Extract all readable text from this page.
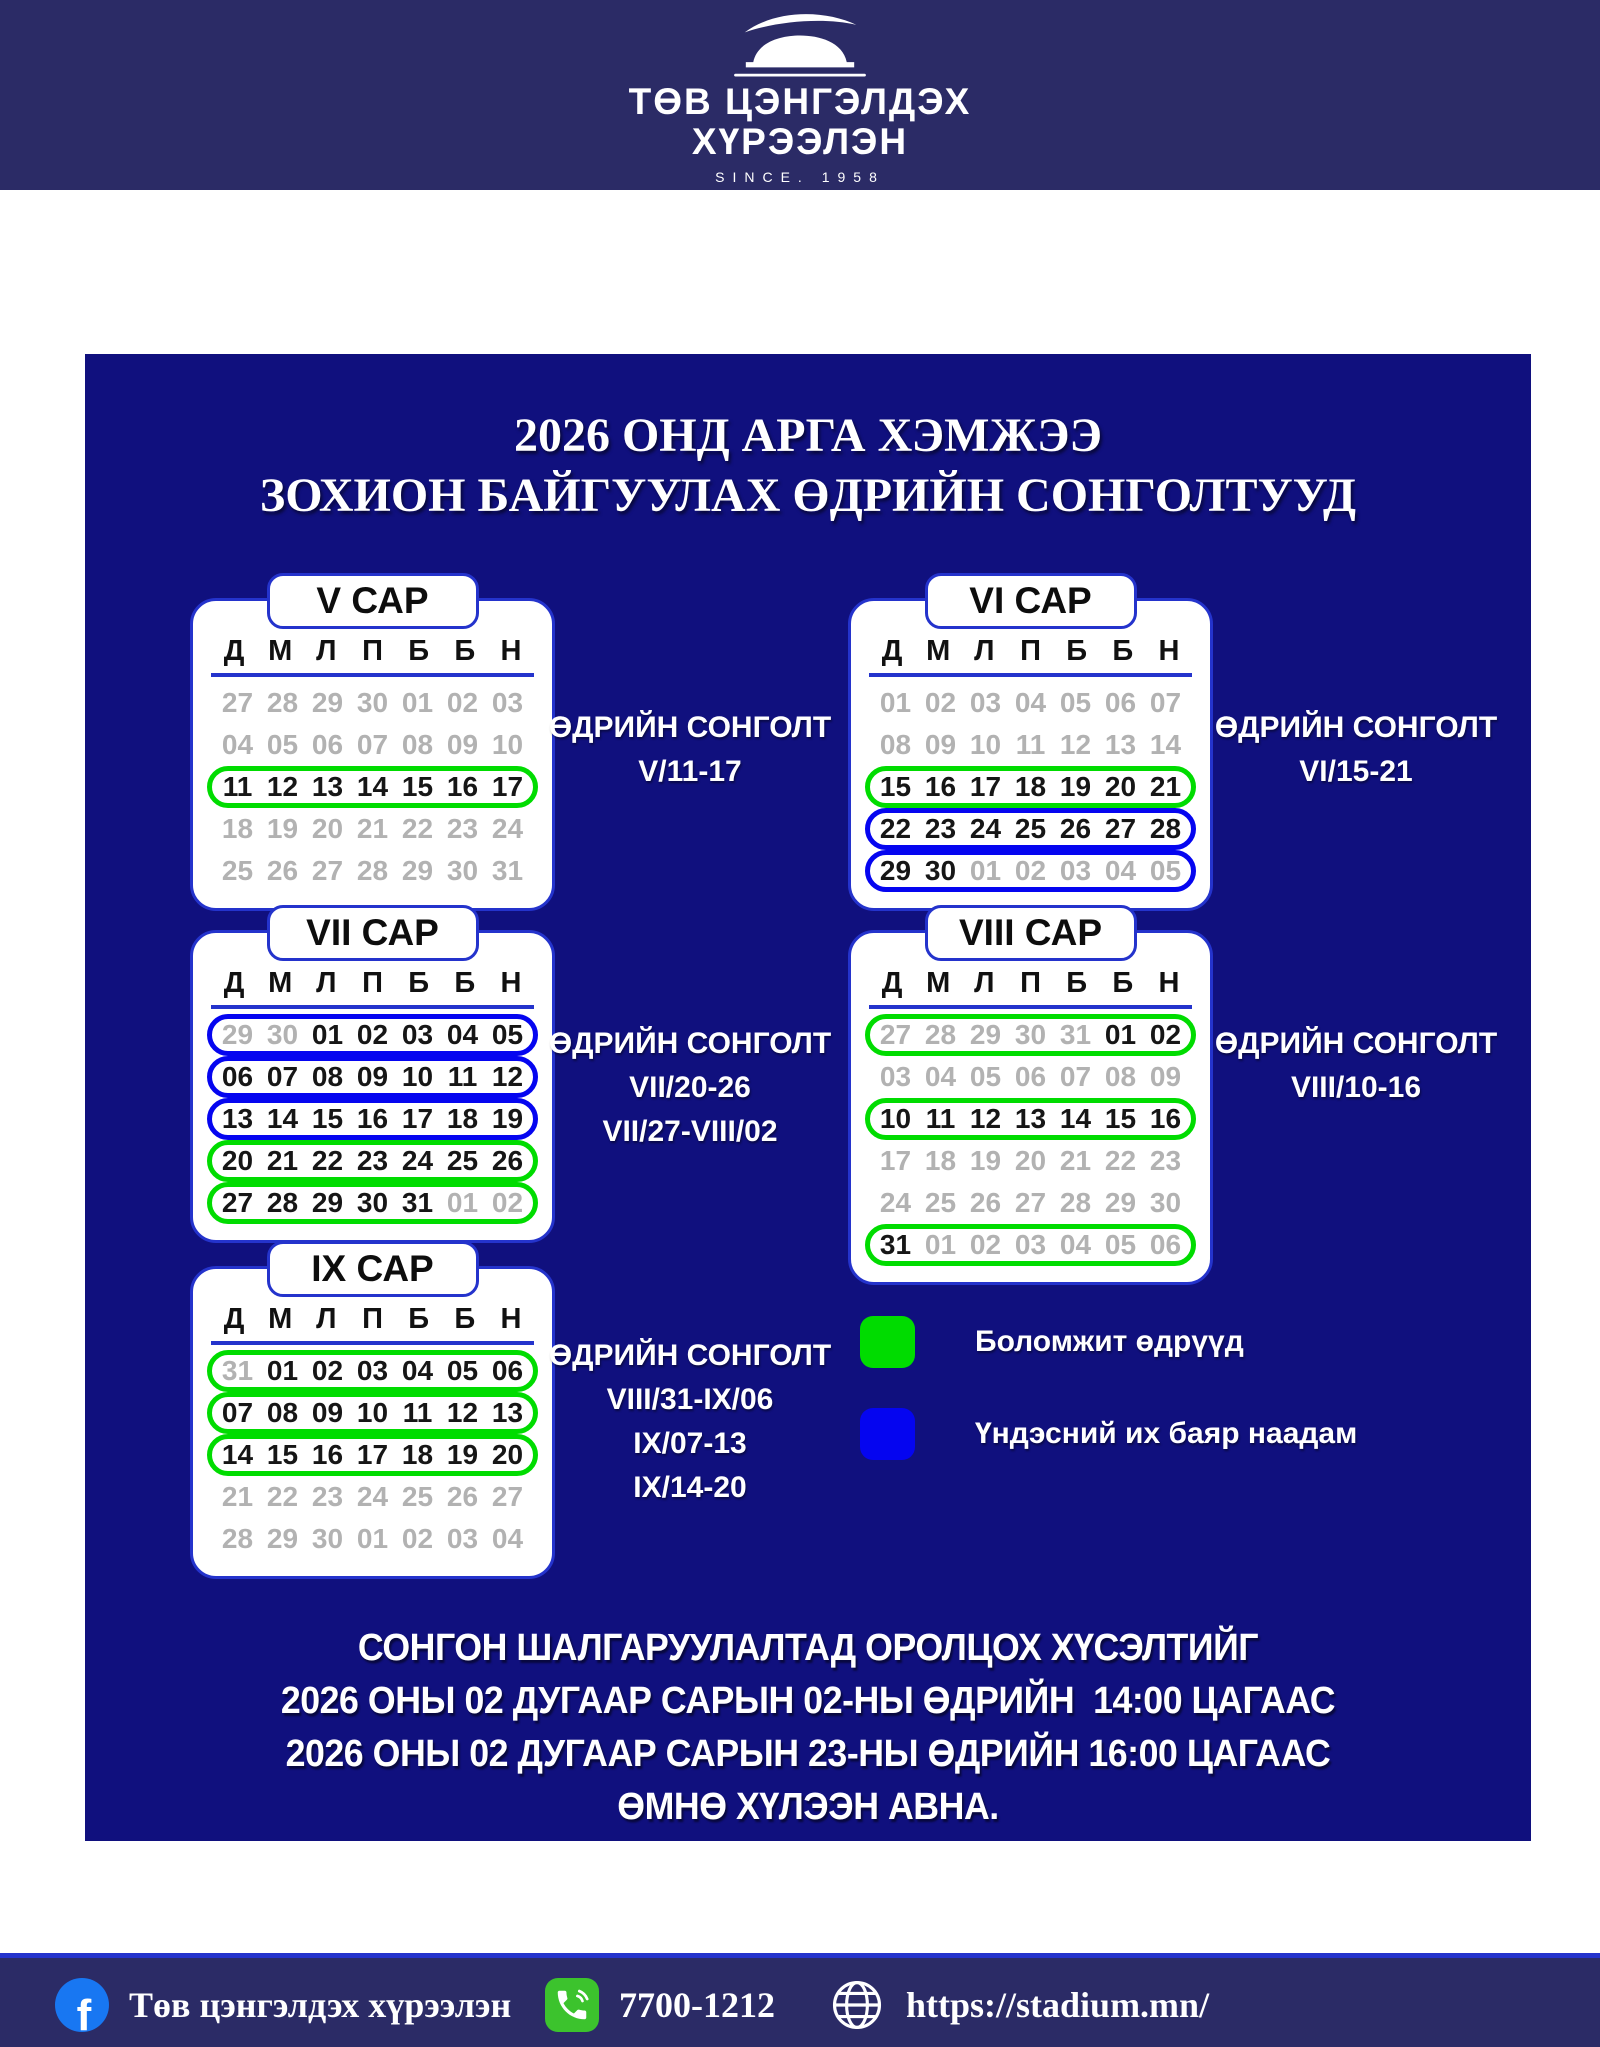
ТӨВ ЦЭНГЭЛДЭХ
ХҮРЭЭЛЭН
SINCE. 1958
2026 ОНД АРГА ХЭМЖЭЭ
ЗОХИОН БАЙГУУЛАХ ӨДРИЙН СОНГОЛТУУД
V САР
Д М Л П Б Б Н
27 28 29 30 01 02 03
04 05 06 07 08 09 10
11 12 13 14 15 16 17
18 19 20 21 22 23 24
25 26 27 28 29 30 31
VI САР
Д М Л П Б Б Н
01 02 03 04 05 06 07
08 09 10 11 12 13 14
15 16 17 18 19 20 21
22 23 24 25 26 27 28
29 30 01 02 03 04 05
VII САР
Д М Л П Б Б Н
29 30 01 02 03 04 05
06 07 08 09 10 11 12
13 14 15 16 17 18 19
20 21 22 23 24 25 26
27 28 29 30 31 01 02
VIII САР
Д М Л П Б Б Н
27 28 29 30 31 01 02
03 04 05 06 07 08 09
10 11 12 13 14 15 16
17 18 19 20 21 22 23
24 25 26 27 28 29 30
31 01 02 03 04 05 06
IX САР
Д М Л П Б Б Н
31 01 02 03 04 05 06
07 08 09 10 11 12 13
14 15 16 17 18 19 20
21 22 23 24 25 26 27
28 29 30 01 02 03 04
ӨДРИЙН СОНГОЛТ
V/11-17
ӨДРИЙН СОНГОЛТ
VI/15-21
ӨДРИЙН СОНГОЛТ
VII/20-26
VII/27-VIII/02
ӨДРИЙН СОНГОЛТ
VIII/10-16
ӨДРИЙН СОНГОЛТ
VIII/31-IX/06
IX/07-13
IX/14-20
Боломжит өдрүүд
Үндэсний их баяр наадам
СОНГОН ШАЛГАРУУЛАЛТАД ОРОЛЦОХ ХҮСЭЛТИЙГ
2026 ОНЫ 02 ДУГААР САРЫН 02-НЫ ӨДРИЙН  14:00 ЦАГААС
2026 ОНЫ 02 ДУГААР САРЫН 23-НЫ ӨДРИЙН 16:00 ЦАГААС
ӨМНӨ ХҮЛЭЭН АВНА.
f Төв цэнгэлдэх хүрээлэн	7700-1212	https://stadium.mn/
